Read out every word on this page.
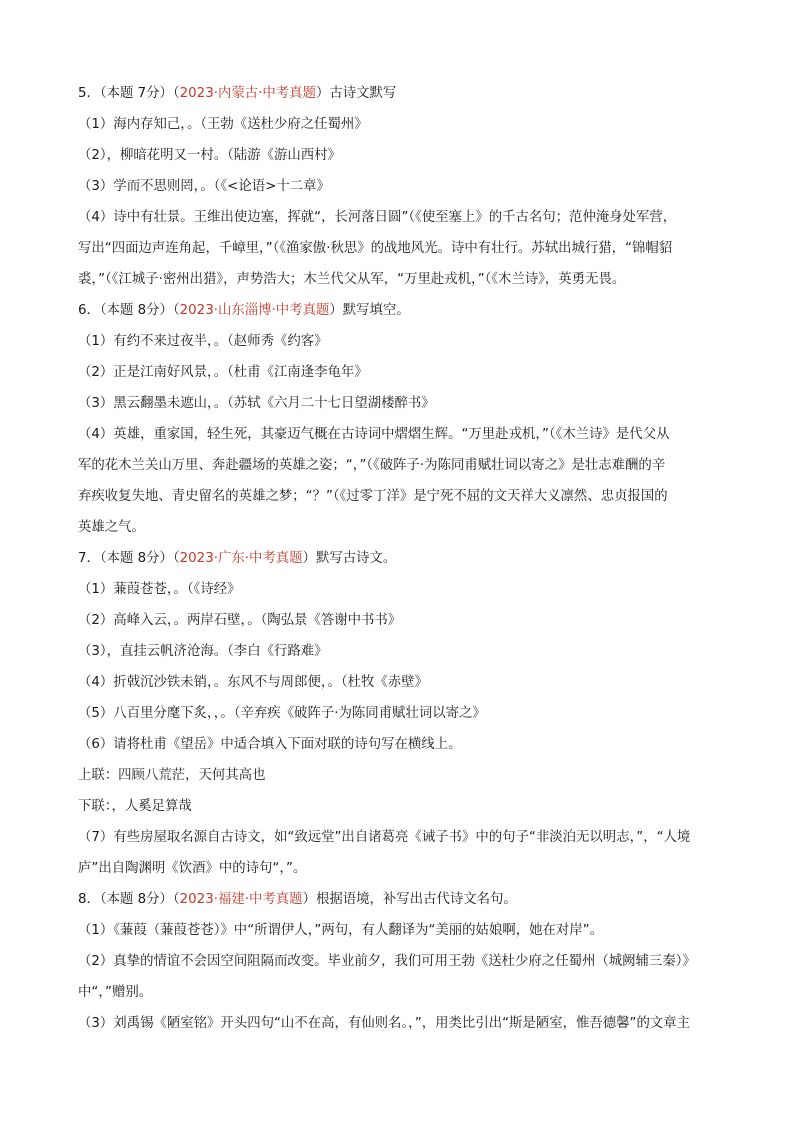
5．（本题 7分）（2023·内蒙古·中考真题）古诗文默写

（1）海内存知己，。（王勃《送杜少府之任蜀州》

（2），柳暗花明又一村。（陆游《游山西村》

（3）学而不思则罔，。（《<论语>十二章》

（4）诗中有壮景。王维出使边塞，挥就“，长河落日圆”（《使至塞上》的千古名句；范仲淹身处军营，

写出“四面边声连角起，千嶂里，”（《渔家傲·秋思》的战地风光。诗中有壮行。苏轼出城行猎，“锦帽貂

裘，”（《江城子·密州出猎》，声势浩大；木兰代父从军，“万里赴戎机，”（《木兰诗》，英勇无畏。

6．（本题 8分）（2023·山东淄博·中考真题）默写填空。

（1）有约不来过夜半，。（赵师秀《约客》

（2）正是江南好风景，。（杜甫《江南逢李龟年》

（3）黑云翻墨未遮山，。（苏轼《六月二十七日望湖楼醉书》

（4）英雄，重家国，轻生死，其豪迈气概在古诗词中熠熠生辉。“万里赴戎机，”（《木兰诗》是代父从

军的花木兰关山万里、奔赴疆场的英雄之姿；“，”（《破阵子·为陈同甫赋壮词以寄之》是壮志难酬的辛

弃疾收复失地、青史留名的英雄之梦；“？”（《过零丁洋》是宁死不屈的文天祥大义凛然、忠贞报国的

英雄之气。

7．（本题 8分）（2023·广东·中考真题）默写古诗文。

（1）蒹葭苍苍，。（《诗经》

（2）高峰入云，。两岸石壁，。（陶弘景《答谢中书书》

（3），直挂云帆济沧海。（李白《行路难》

（4）折戟沉沙铁未销，。东风不与周郎便，。（杜牧《赤壁》

（5）八百里分麾下炙，，。（辛弃疾《破阵子·为陈同甫赋壮词以寄之》

（6）请将杜甫《望岳》中适合填入下面对联的诗句写在横线上。

上联：四顾八荒茫，天何其高也

下联：，人奚足算哉

（7）有些房屋取名源自古诗文，如“致远堂”出自诸葛亮《诫子书》中的句子“非淡泊无以明志，”，“人境

庐”出自陶渊明《饮酒》中的诗句“，”。

8．（本题 8分）（2023·福建·中考真题）根据语境，补写出古代诗文名句。

（1）《蒹葭（蒹葭苍苍）》中“所谓伊人，”两句，有人翻译为“美丽的姑娘啊，她在对岸”。

（2）真挚的情谊不会因空间阻隔而改变。毕业前夕，我们可用王勃《送杜少府之任蜀州（城阙辅三秦）》

中“，”赠别。

（3）刘禹锡《陋室铭》开头四句“山不在高，有仙则名。，”，用类比引出“斯是陋室，惟吾德馨”的文章主
